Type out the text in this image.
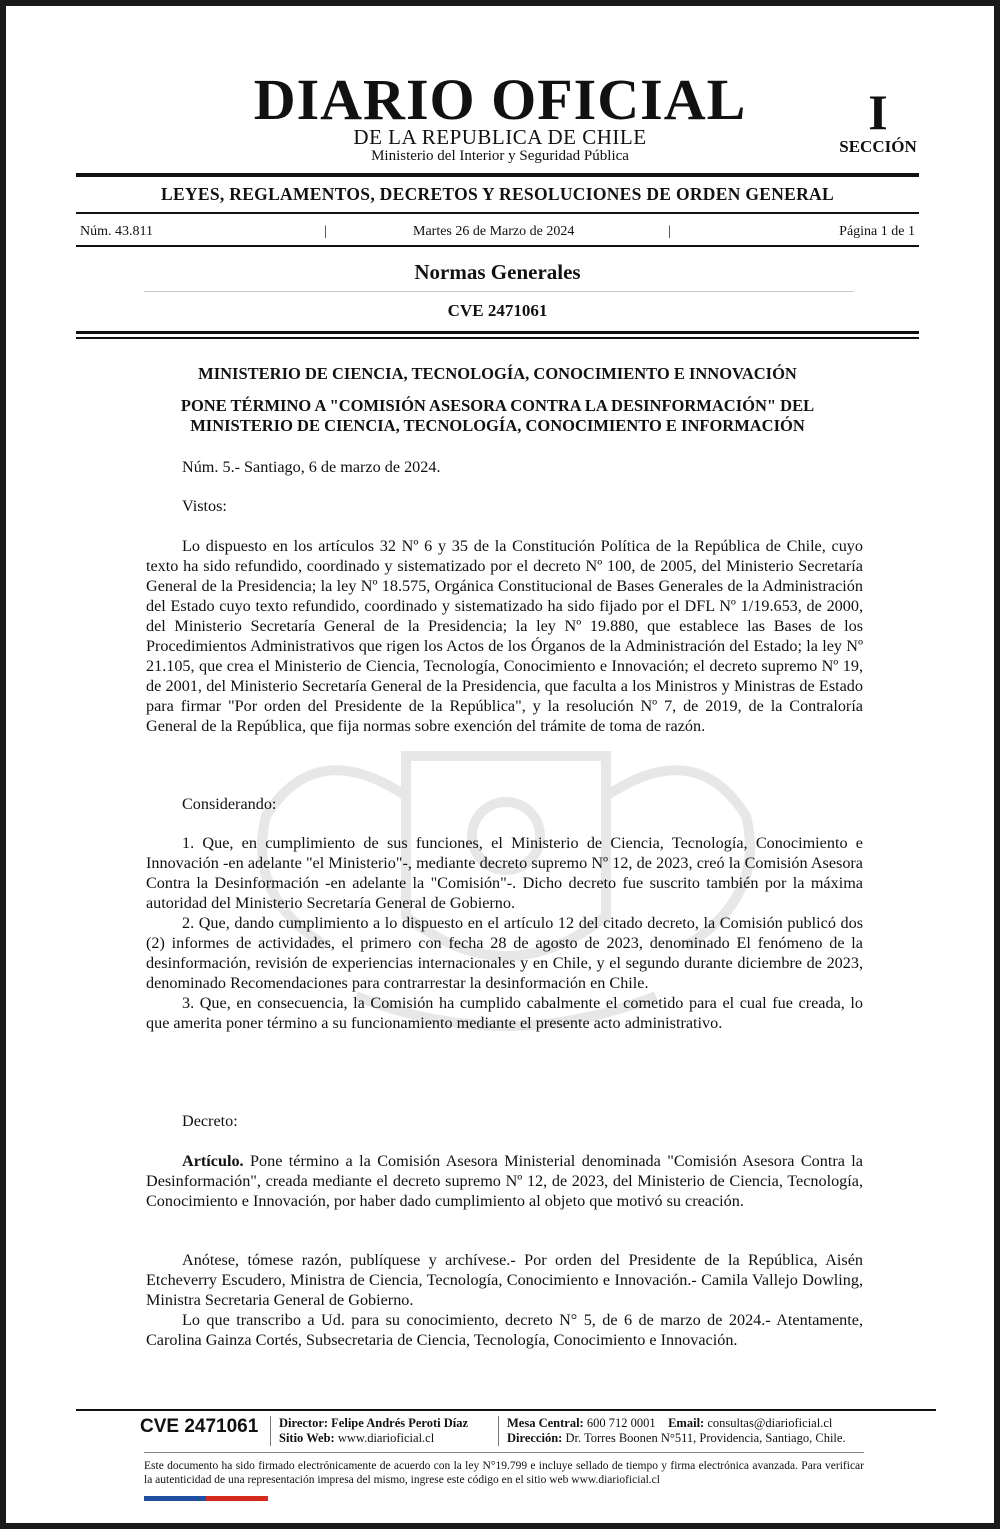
DIARIO OFICIAL
DE LA REPUBLICA DE CHILE
Ministerio del Interior y Seguridad Pública
I
SECCIÓN
LEYES, REGLAMENTOS, DECRETOS Y RESOLUCIONES DE ORDEN GENERAL
Núm. 43.811	|	Martes 26 de Marzo de 2024	|	Página 1 de 1
Normas Generales
CVE 2471061
MINISTERIO DE CIENCIA, TECNOLOGÍA, CONOCIMIENTO E INNOVACIÓN
PONE TÉRMINO A "COMISIÓN ASESORA CONTRA LA DESINFORMACIÓN" DEL
MINISTERIO DE CIENCIA, TECNOLOGÍA, CONOCIMIENTO E INFORMACIÓN

Núm. 5.- Santiago, 6 de marzo de 2024.

Vistos:

Lo dispuesto en los artículos 32 Nº 6 y 35 de la Constitución Política de la República de Chile, cuyo texto ha sido refundido, coordinado y sistematizado por el decreto Nº 100, de 2005, del Ministerio Secretaría General de la Presidencia; la ley Nº 18.575, Orgánica Constitucional de Bases Generales de la Administración del Estado cuyo texto refundido, coordinado y sistematizado ha sido fijado por el DFL Nº 1/19.653, de 2000, del Ministerio Secretaría General de la Presidencia; la ley Nº 19.880, que establece las Bases de los Procedimientos Administrativos que rigen los Actos de los Órganos de la Administración del Estado; la ley Nº 21.105, que crea el Ministerio de Ciencia, Tecnología, Conocimiento e Innovación; el decreto supremo Nº 19, de 2001, del Ministerio Secretaría General de la Presidencia, que faculta a los Ministros y Ministras de Estado para firmar "Por orden del Presidente de la República", y la resolución Nº 7, de 2019, de la Contraloría General de la República, que fija normas sobre exención del trámite de toma de razón.

Considerando:

1. Que, en cumplimiento de sus funciones, el Ministerio de Ciencia, Tecnología, Conocimiento e Innovación -en adelante "el Ministerio"-, mediante decreto supremo Nº 12, de 2023, creó la Comisión Asesora Contra la Desinformación -en adelante la "Comisión"-. Dicho decreto fue suscrito también por la máxima autoridad del Ministerio Secretaría General de Gobierno.

2. Que, dando cumplimiento a lo dispuesto en el artículo 12 del citado decreto, la Comisión publicó dos (2) informes de actividades, el primero con fecha 28 de agosto de 2023, denominado El fenómeno de la desinformación, revisión de experiencias internacionales y en Chile, y el segundo durante diciembre de 2023, denominado Recomendaciones para contrarrestar la desinformación en Chile.

3. Que, en consecuencia, la Comisión ha cumplido cabalmente el cometido para el cual fue creada, lo que amerita poner término a su funcionamiento mediante el presente acto administrativo.

Decreto:

Artículo. Pone término a la Comisión Asesora Ministerial denominada "Comisión Asesora Contra la Desinformación", creada mediante el decreto supremo Nº 12, de 2023, del Ministerio de Ciencia, Tecnología, Conocimiento e Innovación, por haber dado cumplimiento al objeto que motivó su creación.

Anótese, tómese razón, publíquese y archívese.- Por orden del Presidente de la República, Aisén Etcheverry Escudero, Ministra de Ciencia, Tecnología, Conocimiento e Innovación.- Camila Vallejo Dowling, Ministra Secretaria General de Gobierno.

Lo que transcribo a Ud. para su conocimiento, decreto N° 5, de 6 de marzo de 2024.- Atentamente, Carolina Gainza Cortés, Subsecretaria de Ciencia, Tecnología, Conocimiento e Innovación.

CVE 2471061 Director: Felipe Andrés Peroti Díaz
Sitio Web: www.diarioficial.cl
Mesa Central: 600 712 0001 Email: consultas@diarioficial.cl
Dirección: Dr. Torres Boonen N°511, Providencia, Santiago, Chile.
Este documento ha sido firmado electrónicamente de acuerdo con la ley N°19.799 e incluye sellado de tiempo y firma electrónica avanzada. Para verificar la autenticidad de una representación impresa del mismo, ingrese este código en el sitio web www.diarioficial.cl
